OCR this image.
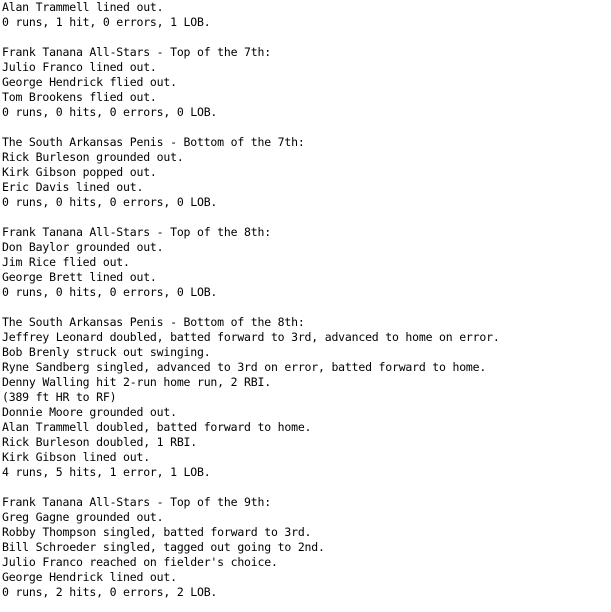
Alan Trammell lined out.
0 runs, 1 hit, 0 errors, 1 LOB.
Frank Tanana All-Stars - Top of the 7th:
Julio Franco lined out.
George Hendrick flied out.
Tom Brookens flied out.
0 runs, 0 hits, 0 errors, 0 LOB.
The South Arkansas Penis - Bottom of the 7th:
Rick Burleson grounded out.
Kirk Gibson popped out.
Eric Davis lined out.
0 runs, 0 hits, 0 errors, 0 LOB.
Frank Tanana All-Stars - Top of the 8th:
Don Baylor grounded out.
Jim Rice flied out.
George Brett lined out.
0 runs, 0 hits, 0 errors, 0 LOB.
The South Arkansas Penis - Bottom of the 8th:
Jeffrey Leonard doubled, batted forward to 3rd, advanced to home on error.
Bob Brenly struck out swinging.
Ryne Sandberg singled, advanced to 3rd on error, batted forward to home.
Denny Walling hit 2-run home run, 2 RBI.
(389 ft HR to RF)
Donnie Moore grounded out.
Alan Trammell doubled, batted forward to home.
Rick Burleson doubled, 1 RBI.
Kirk Gibson lined out.
4 runs, 5 hits, 1 error, 1 LOB.
Frank Tanana All-Stars - Top of the 9th:
Greg Gagne grounded out.
Robby Thompson singled, batted forward to 3rd.
Bill Schroeder singled, tagged out going to 2nd.
Julio Franco reached on fielder's choice.
George Hendrick lined out.
0 runs, 2 hits, 0 errors, 2 LOB.
